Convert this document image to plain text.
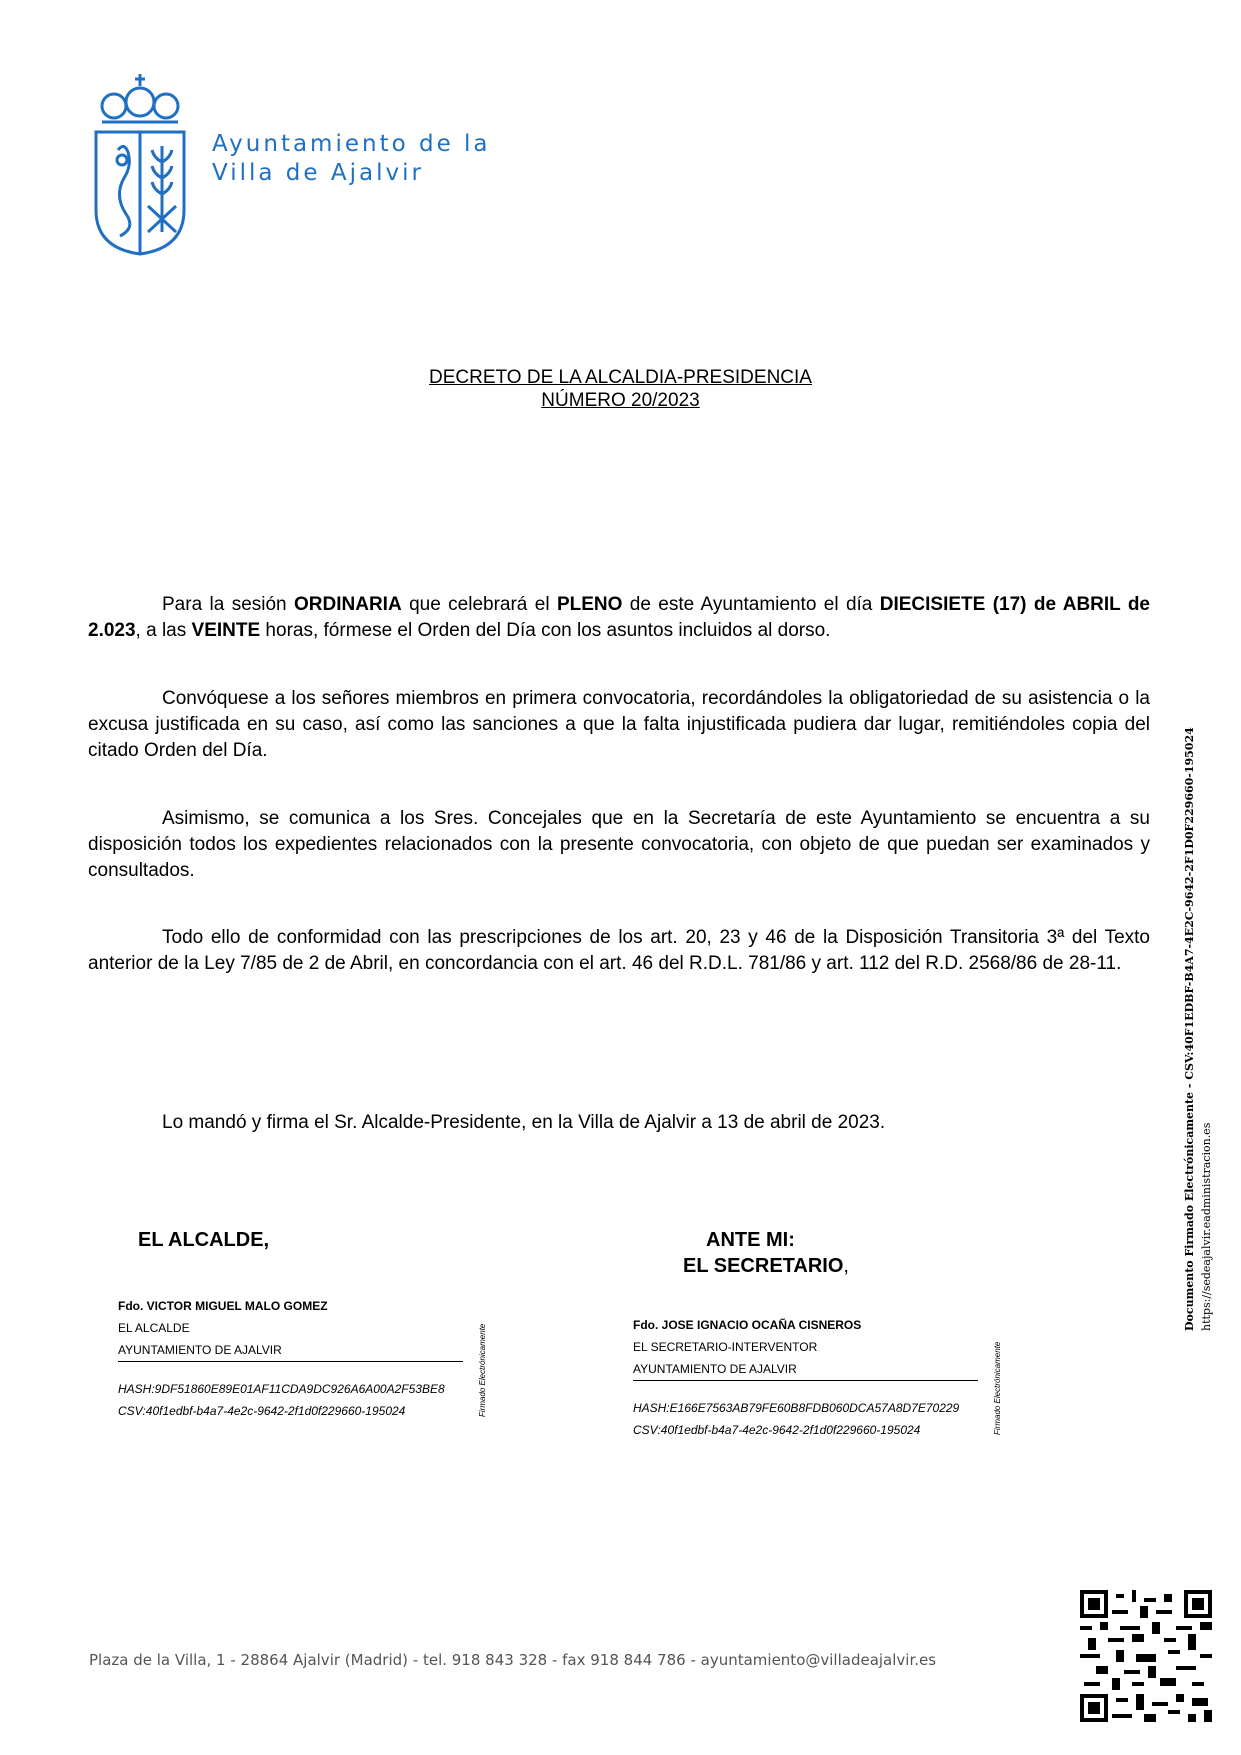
Ayuntamiento de la
Villa de Ajalvir
DECRETO DE LA ALCALDIA-PRESIDENCIA
NÚMERO 20/2023
Para la sesión ORDINARIA que celebrará el PLENO de este Ayuntamiento el día DIECISIETE (17) de ABRIL de 2.023, a las VEINTE horas, fórmese el Orden del Día con los asuntos incluidos al dorso.
Convóquese a los señores miembros en primera convocatoria, recordándoles la obligatoriedad de su asistencia o la excusa justificada en su caso, así como las sanciones a que la falta injustificada pudiera dar lugar, remitiéndoles copia del citado Orden del Día.
Asimismo, se comunica a los Sres. Concejales que en la Secretaría de este Ayuntamiento se encuentra a su disposición todos los expedientes relacionados con la presente convocatoria, con objeto de que puedan ser examinados y consultados.
Todo ello de conformidad con las prescripciones de los art. 20, 23 y 46 de la Disposición Transitoria 3ª del Texto anterior de la Ley 7/85 de 2 de Abril, en concordancia con el art. 46 del R.D.L. 781/86 y art. 112 del R.D. 2568/86 de 28-11.
Lo mandó y firma el Sr. Alcalde-Presidente, en la Villa de Ajalvir a 13 de abril de 2023.
EL ALCALDE,	ANTE MI:
EL SECRETARIO,
Fdo. VICTOR MIGUEL MALO GOMEZ
EL ALCALDE
AYUNTAMIENTO DE AJALVIR
HASH:9DF51860E89E01AF11CDA9DC926A6A00A2F53BE8
CSV:40f1edbf-b4a7-4e2c-9642-2f1d0f229660-195024	Firmado Electrónicamente	Fdo. JOSE IGNACIO OCAÑA CISNEROS
EL SECRETARIO-INTERVENTOR
AYUNTAMIENTO DE AJALVIR
HASH:E166E7563AB79FE60B8FDB060DCA57A8D7E70229
CSV:40f1edbf-b4a7-4e2c-9642-2f1d0f229660-195024	Firmado Electrónicamente
Documento Firmado Electrónicamente - CSV:40F1EDBF-B4A7-4E2C-9642-2F1D0F229660-195024 https://sedeajalvir.eadministracion.es
Plaza de la Villa, 1 - 28864 Ajalvir (Madrid) - tel. 918 843 328 - fax 918 844 786 - ayuntamiento@villadeajalvir.es
